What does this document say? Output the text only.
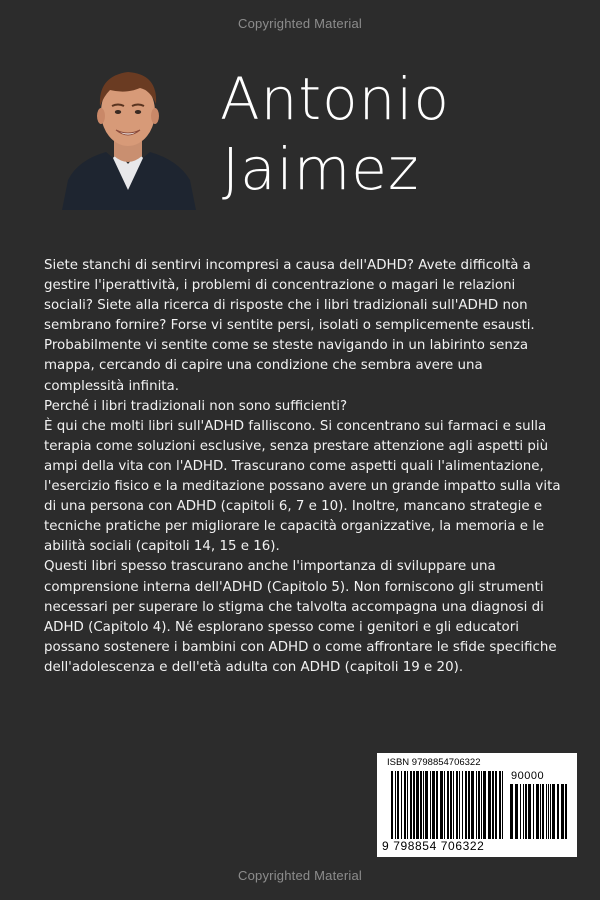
Copyrighted Material
Antonio
Jaimez

Siete stanchi di sentirvi incompresi a causa dell'ADHD? Avete difficoltà a gestire l'iperattività, i problemi di concentrazione o magari le relazioni sociali? Siete alla ricerca di risposte che i libri tradizionali sull'ADHD non sembrano fornire? Forse vi sentite persi, isolati o semplicemente esausti. Probabilmente vi sentite come se steste navigando in un labirinto senza mappa, cercando di capire una condizione che sembra avere una complessità infinita.

Perché i libri tradizionali non sono sufficienti?

È qui che molti libri sull'ADHD falliscono. Si concentrano sui farmaci e sulla terapia come soluzioni esclusive, senza prestare attenzione agli aspetti più ampi della vita con l'ADHD. Trascurano come aspetti quali l'alimentazione, l'esercizio fisico e la meditazione possano avere un grande impatto sulla vita di una persona con ADHD (capitoli 6, 7 e 10). Inoltre, mancano strategie e tecniche pratiche per migliorare le capacità organizzative, la memoria e le abilità sociali (capitoli 14, 15 e 16).

Questi libri spesso trascurano anche l'importanza di sviluppare una comprensione interna dell'ADHD (Capitolo 5). Non forniscono gli strumenti necessari per superare lo stigma che talvolta accompagna una diagnosi di ADHD (Capitolo 4). Né esplorano spesso come i genitori e gli educatori possano sostenere i bambini con ADHD o come affrontare le sfide specifiche dell'adolescenza e dell'età adulta con ADHD (capitoli 19 e 20).

ISBN 9798854706322
90000
9 798854 706322
Copyrighted Material
